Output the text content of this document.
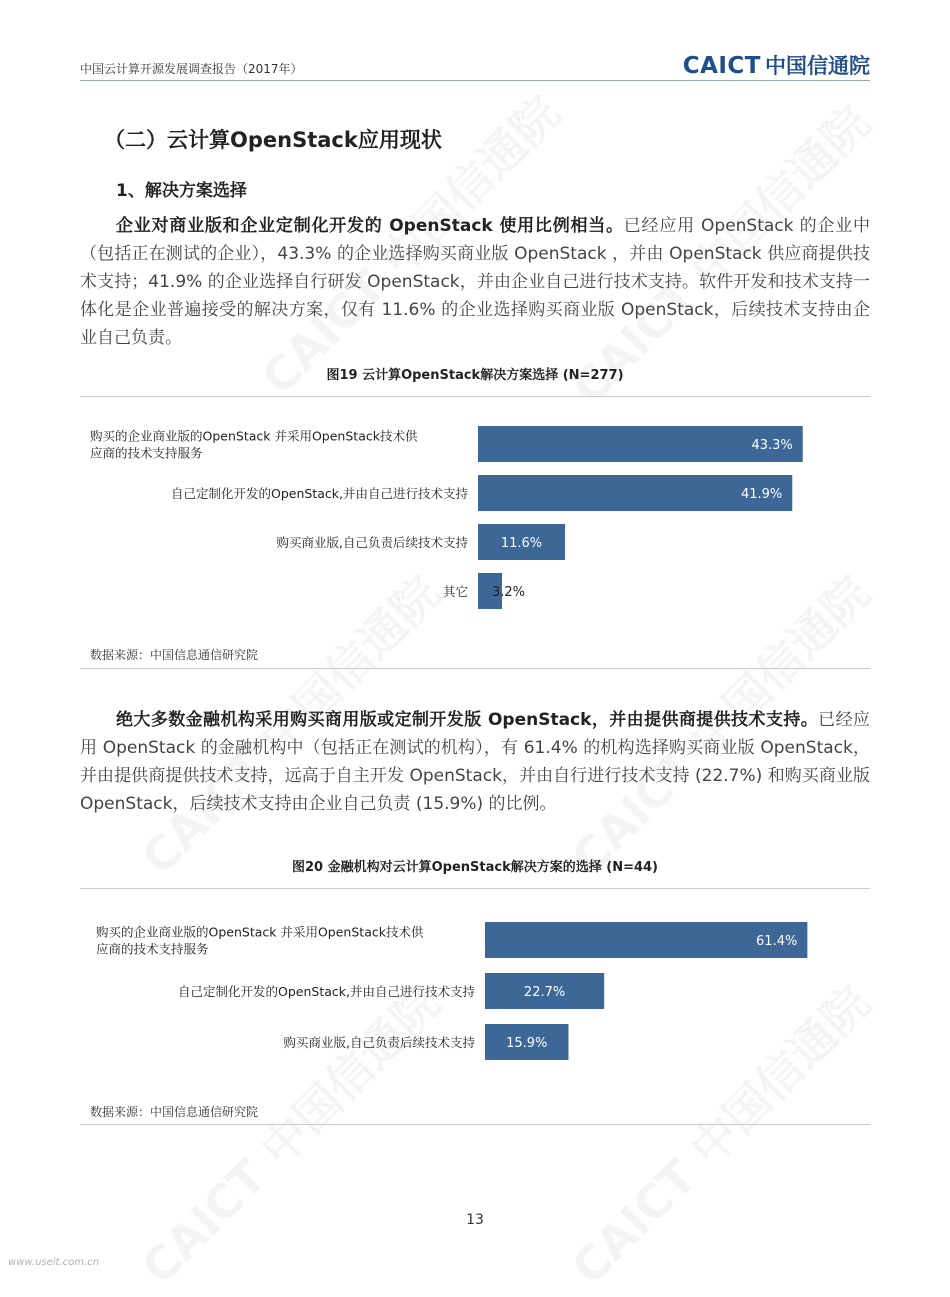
中国云计算开源发展调查报告（2017年）	CAICT 中国信通院
（二）云计算OpenStack应用现状
1、解决方案选择
企业对商业版和企业定制化开发的 OpenStack 使用比例相当。已经应用 OpenStack 的企业中（包括正在测试的企业），43.3% 的企业选择购买商业版 OpenStack ，并由 OpenStack 供应商提供技术支持；41.9% 的企业选择自行研发 OpenStack，并由企业自己进行技术支持。软件开发和技术支持一体化是企业普遍接受的解决方案，仅有 11.6% 的企业选择购买商业版 OpenStack，后续技术支持由企业自己负责。
图19 云计算OpenStack解决方案选择 (N=277)
购买的企业商业版的OpenStack 并采用OpenStack技术供应商的技术支持服务	43.3%
自己定制化开发的OpenStack,并由自己进行技术支持	41.9%
购买商业版,自己负责后续技术支持	11.6%
其它 3.2%
数据来源：中国信息通信研究院
绝大多数金融机构采用购买商用版或定制开发版 OpenStack，并由提供商提供技术支持。已经应用 OpenStack 的金融机构中（包括正在测试的机构），有 61.4% 的机构选择购买商业版 OpenStack，并由提供商提供技术支持，远高于自主开发 OpenStack，并由自行进行技术支持 (22.7%) 和购买商业版 OpenStack，后续技术支持由企业自己负责 (15.9%) 的比例。
图20 金融机构对云计算OpenStack解决方案的选择 (N=44)
购买的企业商业版的OpenStack 并采用OpenStack技术供应商的技术支持服务	61.4%
自己定制化开发的OpenStack,并由自己进行技术支持	22.7%
购买商业版,自己负责后续技术支持 15.9%
数据来源：中国信息通信研究院
13
www.useit.com.cn
